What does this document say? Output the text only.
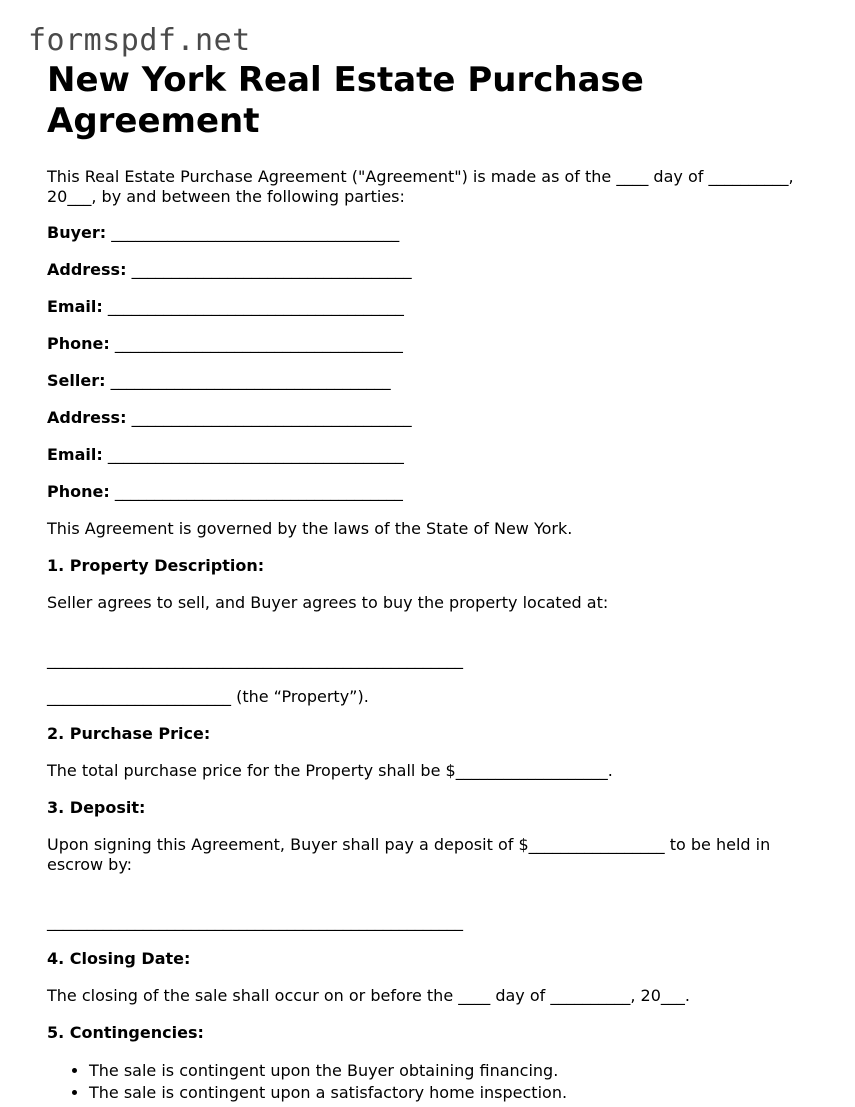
formspdf.net
New York Real Estate Purchase Agreement
This Real Estate Purchase Agreement ("Agreement") is made as of the ____ day of __________, 20___, by and between the following parties:
Buyer: ____________________________________
Address: ___________________________________
Email: _____________________________________
Phone: ____________________________________
Seller: ___________________________________
Address: ___________________________________
Email: _____________________________________
Phone: ____________________________________
This Agreement is governed by the laws of the State of New York.
1. Property Description:
Seller agrees to sell, and Buyer agrees to buy the property located at:
____________________________________________________
_______________________ (the “Property”).
2. Purchase Price:
The total purchase price for the Property shall be $___________________.
3. Deposit:
Upon signing this Agreement, Buyer shall pay a deposit of $_________________ to be held in escrow by:
____________________________________________________
4. Closing Date:
The closing of the sale shall occur on or before the ____ day of __________, 20___.
5. Contingencies:
• The sale is contingent upon the Buyer obtaining financing.
• The sale is contingent upon a satisfactory home inspection.
